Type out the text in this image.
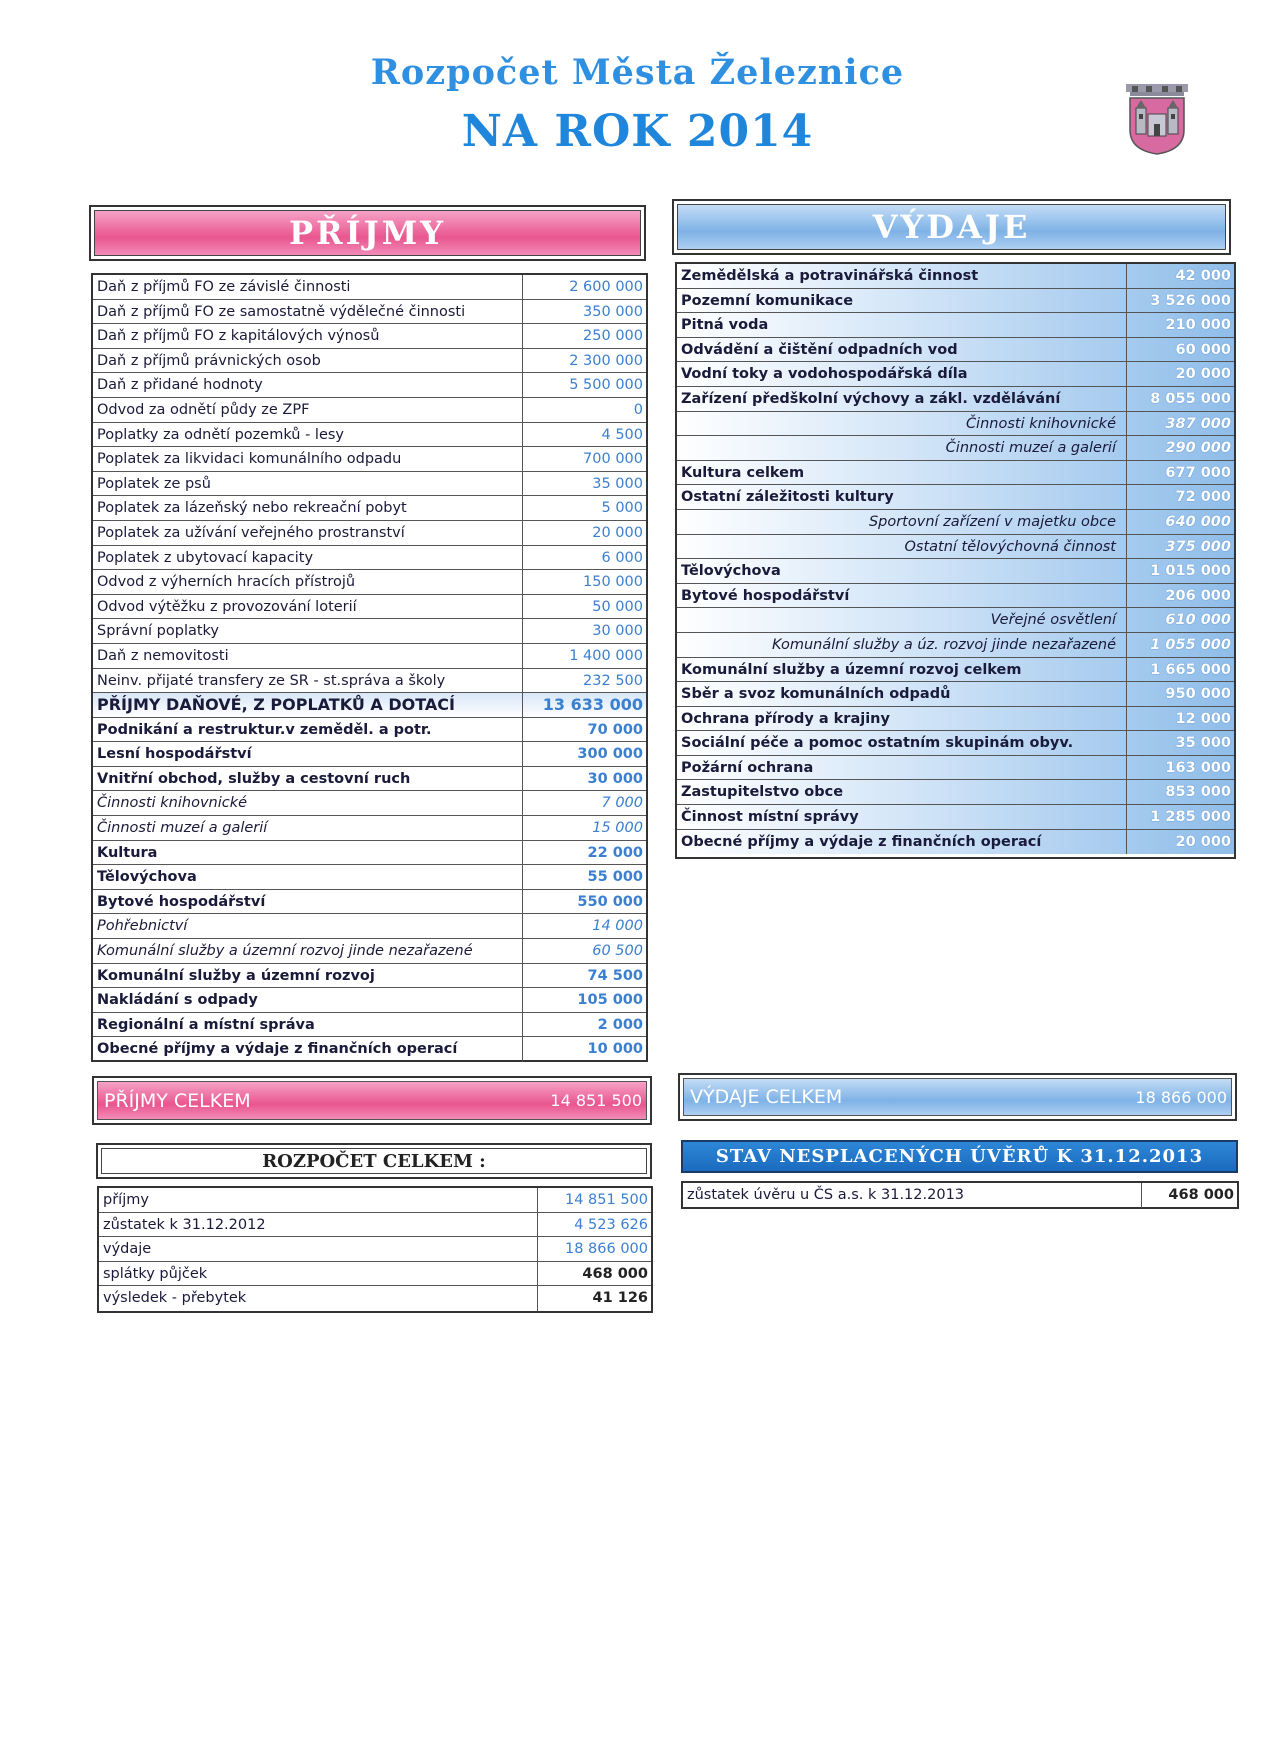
Rozpočet Města Železnice
NA ROK 2014
PŘÍJMY	VÝDAJE
Daň z příjmů FO ze závislé činnosti	2 600 000
Daň z příjmů FO ze samostatně výdělečné činnosti	350 000
Daň z příjmů FO z kapitálových výnosů	250 000
Daň z příjmů právnických osob	2 300 000
Daň z přidané hodnoty	5 500 000
Odvod za odnětí půdy ze ZPF	0
Poplatky za odnětí pozemků - lesy	4 500
Poplatek za likvidaci komunálního odpadu	700 000
Poplatek ze psů	35 000
Poplatek za lázeňský nebo rekreační pobyt	5 000
Poplatek za užívání veřejného prostranství	20 000
Poplatek z ubytovací kapacity	6 000
Odvod z výherních hracích přístrojů	150 000
Odvod výtěžku z provozování loterií	50 000
Správní poplatky	30 000
Daň z nemovitosti	1 400 000
Neinv. přijaté transfery ze SR - st.správa a školy	232 500
PŘÍJMY DAŇOVÉ, Z POPLATKŮ A DOTACÍ	13 633 000
Podnikání a restruktur.v zeměděl. a potr.	70 000
Lesní hospodářství	300 000
Vnitřní obchod, služby a cestovní ruch	30 000
Činnosti knihovnické	7 000
Činnosti muzeí a galerií	15 000
Kultura	22 000
Tělovýchova	55 000
Bytové hospodářství	550 000
Pohřebnictví	14 000
Komunální služby a územní rozvoj jinde nezařazené	60 500
Komunální služby a územní rozvoj	74 500
Nakládání s odpady	105 000
Regionální a místní správa	2 000
Obecné příjmy a výdaje z finančních operací	10 000
Zemědělská a potravinářská činnost	42 000
Pozemní komunikace	3 526 000
Pitná voda	210 000
Odvádění a čištění odpadních vod	60 000
Vodní toky a vodohospodářská díla	20 000
Zařízení předškolní výchovy a zákl. vzdělávání	8 055 000
Činnosti knihovnické	387 000
Činnosti muzeí a galerií	290 000
Kultura celkem	677 000
Ostatní záležitosti kultury	72 000
Sportovní zařízení v majetku obce	640 000
Ostatní tělovýchovná činnost	375 000
Tělovýchova	1 015 000
Bytové hospodářství	206 000
Veřejné osvětlení	610 000
Komunální služby a úz. rozvoj jinde nezařazené	1 055 000
Komunální služby a územní rozvoj celkem	1 665 000
Sběr a svoz komunálních odpadů	950 000
Ochrana přírody a krajiny	12 000
Sociální péče a pomoc ostatním skupinám obyv.	35 000
Požární ochrana	163 000
Zastupitelstvo obce	853 000
Činnost místní správy	1 285 000
Obecné příjmy a výdaje z finančních operací	20 000
PŘÍJMY CELKEM	14 851 500	VÝDAJE CELKEM	18 866 000
ROZPOČET CELKEM :
příjmy	14 851 500
zůstatek k 31.12.2012	4 523 626
výdaje	18 866 000
splátky půjček	468 000
výsledek - přebytek	41 126
STAV NESPLACENÝCH ÚVĚRŮ K 31.12.2013
zůstatek úvěru u ČS a.s. k 31.12.2013	468 000
